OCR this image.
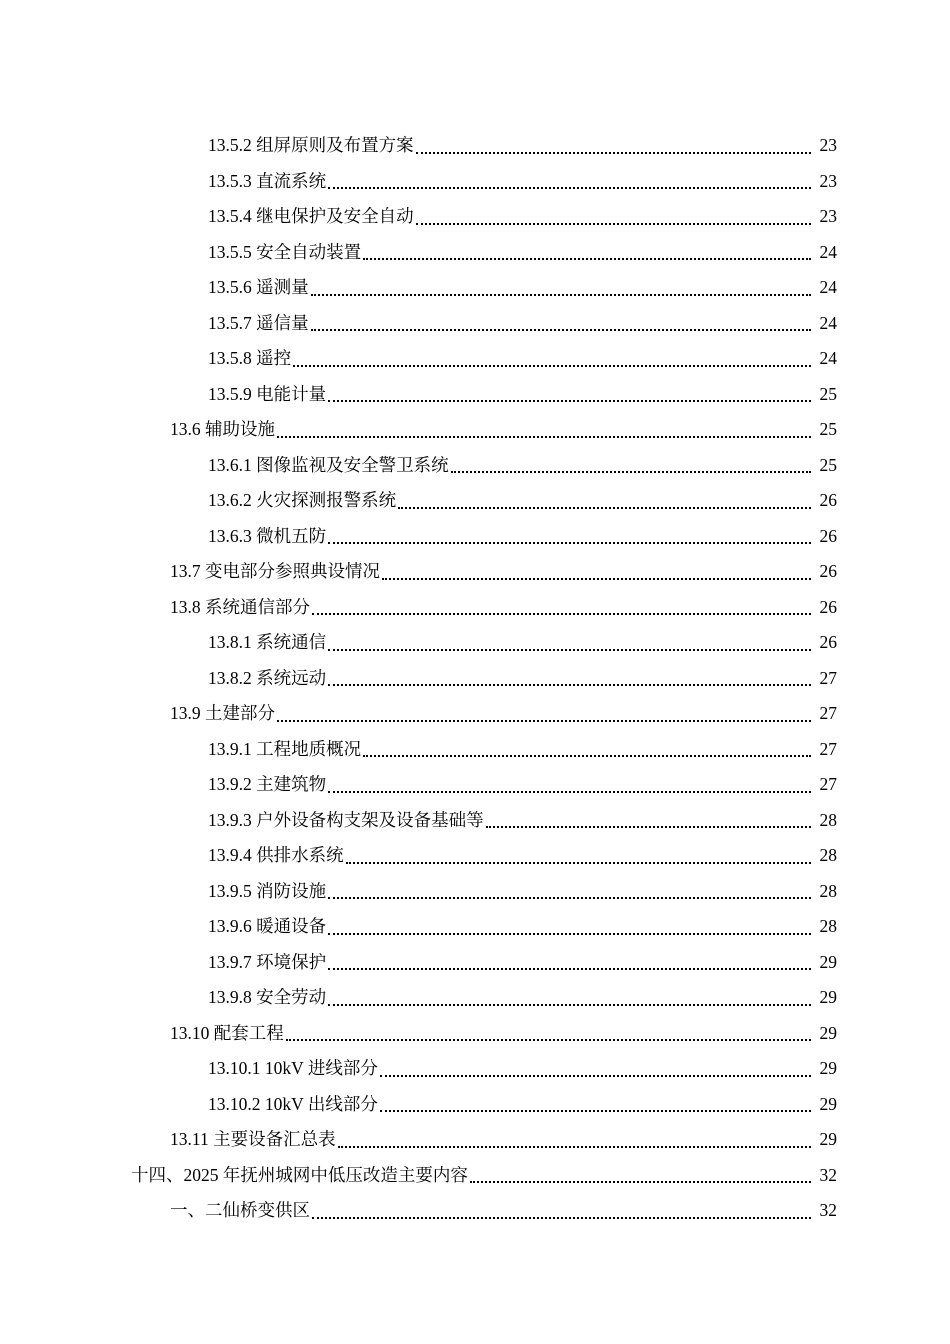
13.5.2 组屏原则及布置方案	23
13.5.3 直流系统	23
13.5.4 继电保护及安全自动	23
13.5.5 安全自动装置	24
13.5.6 遥测量	24
13.5.7 遥信量	24
13.5.8 遥控	24
13.5.9 电能计量	25
13.6 辅助设施	25
13.6.1 图像监视及安全警卫系统	25
13.6.2 火灾探测报警系统	26
13.6.3 微机五防	26
13.7 变电部分参照典设情况	26
13.8 系统通信部分	26
13.8.1 系统通信	26
13.8.2 系统远动	27
13.9 土建部分	27
13.9.1 工程地质概况	27
13.9.2 主建筑物	27
13.9.3 户外设备构支架及设备基础等	28
13.9.4 供排水系统	28
13.9.5 消防设施	28
13.9.6 暖通设备	28
13.9.7 环境保护	29
13.9.8 安全劳动	29
13.10 配套工程	29
13.10.1 10kV 进线部分	29
13.10.2 10kV 出线部分	29
13.11 主要设备汇总表	29
十四、2025 年抚州城网中低压改造主要内容	32
一、二仙桥变供区	32
